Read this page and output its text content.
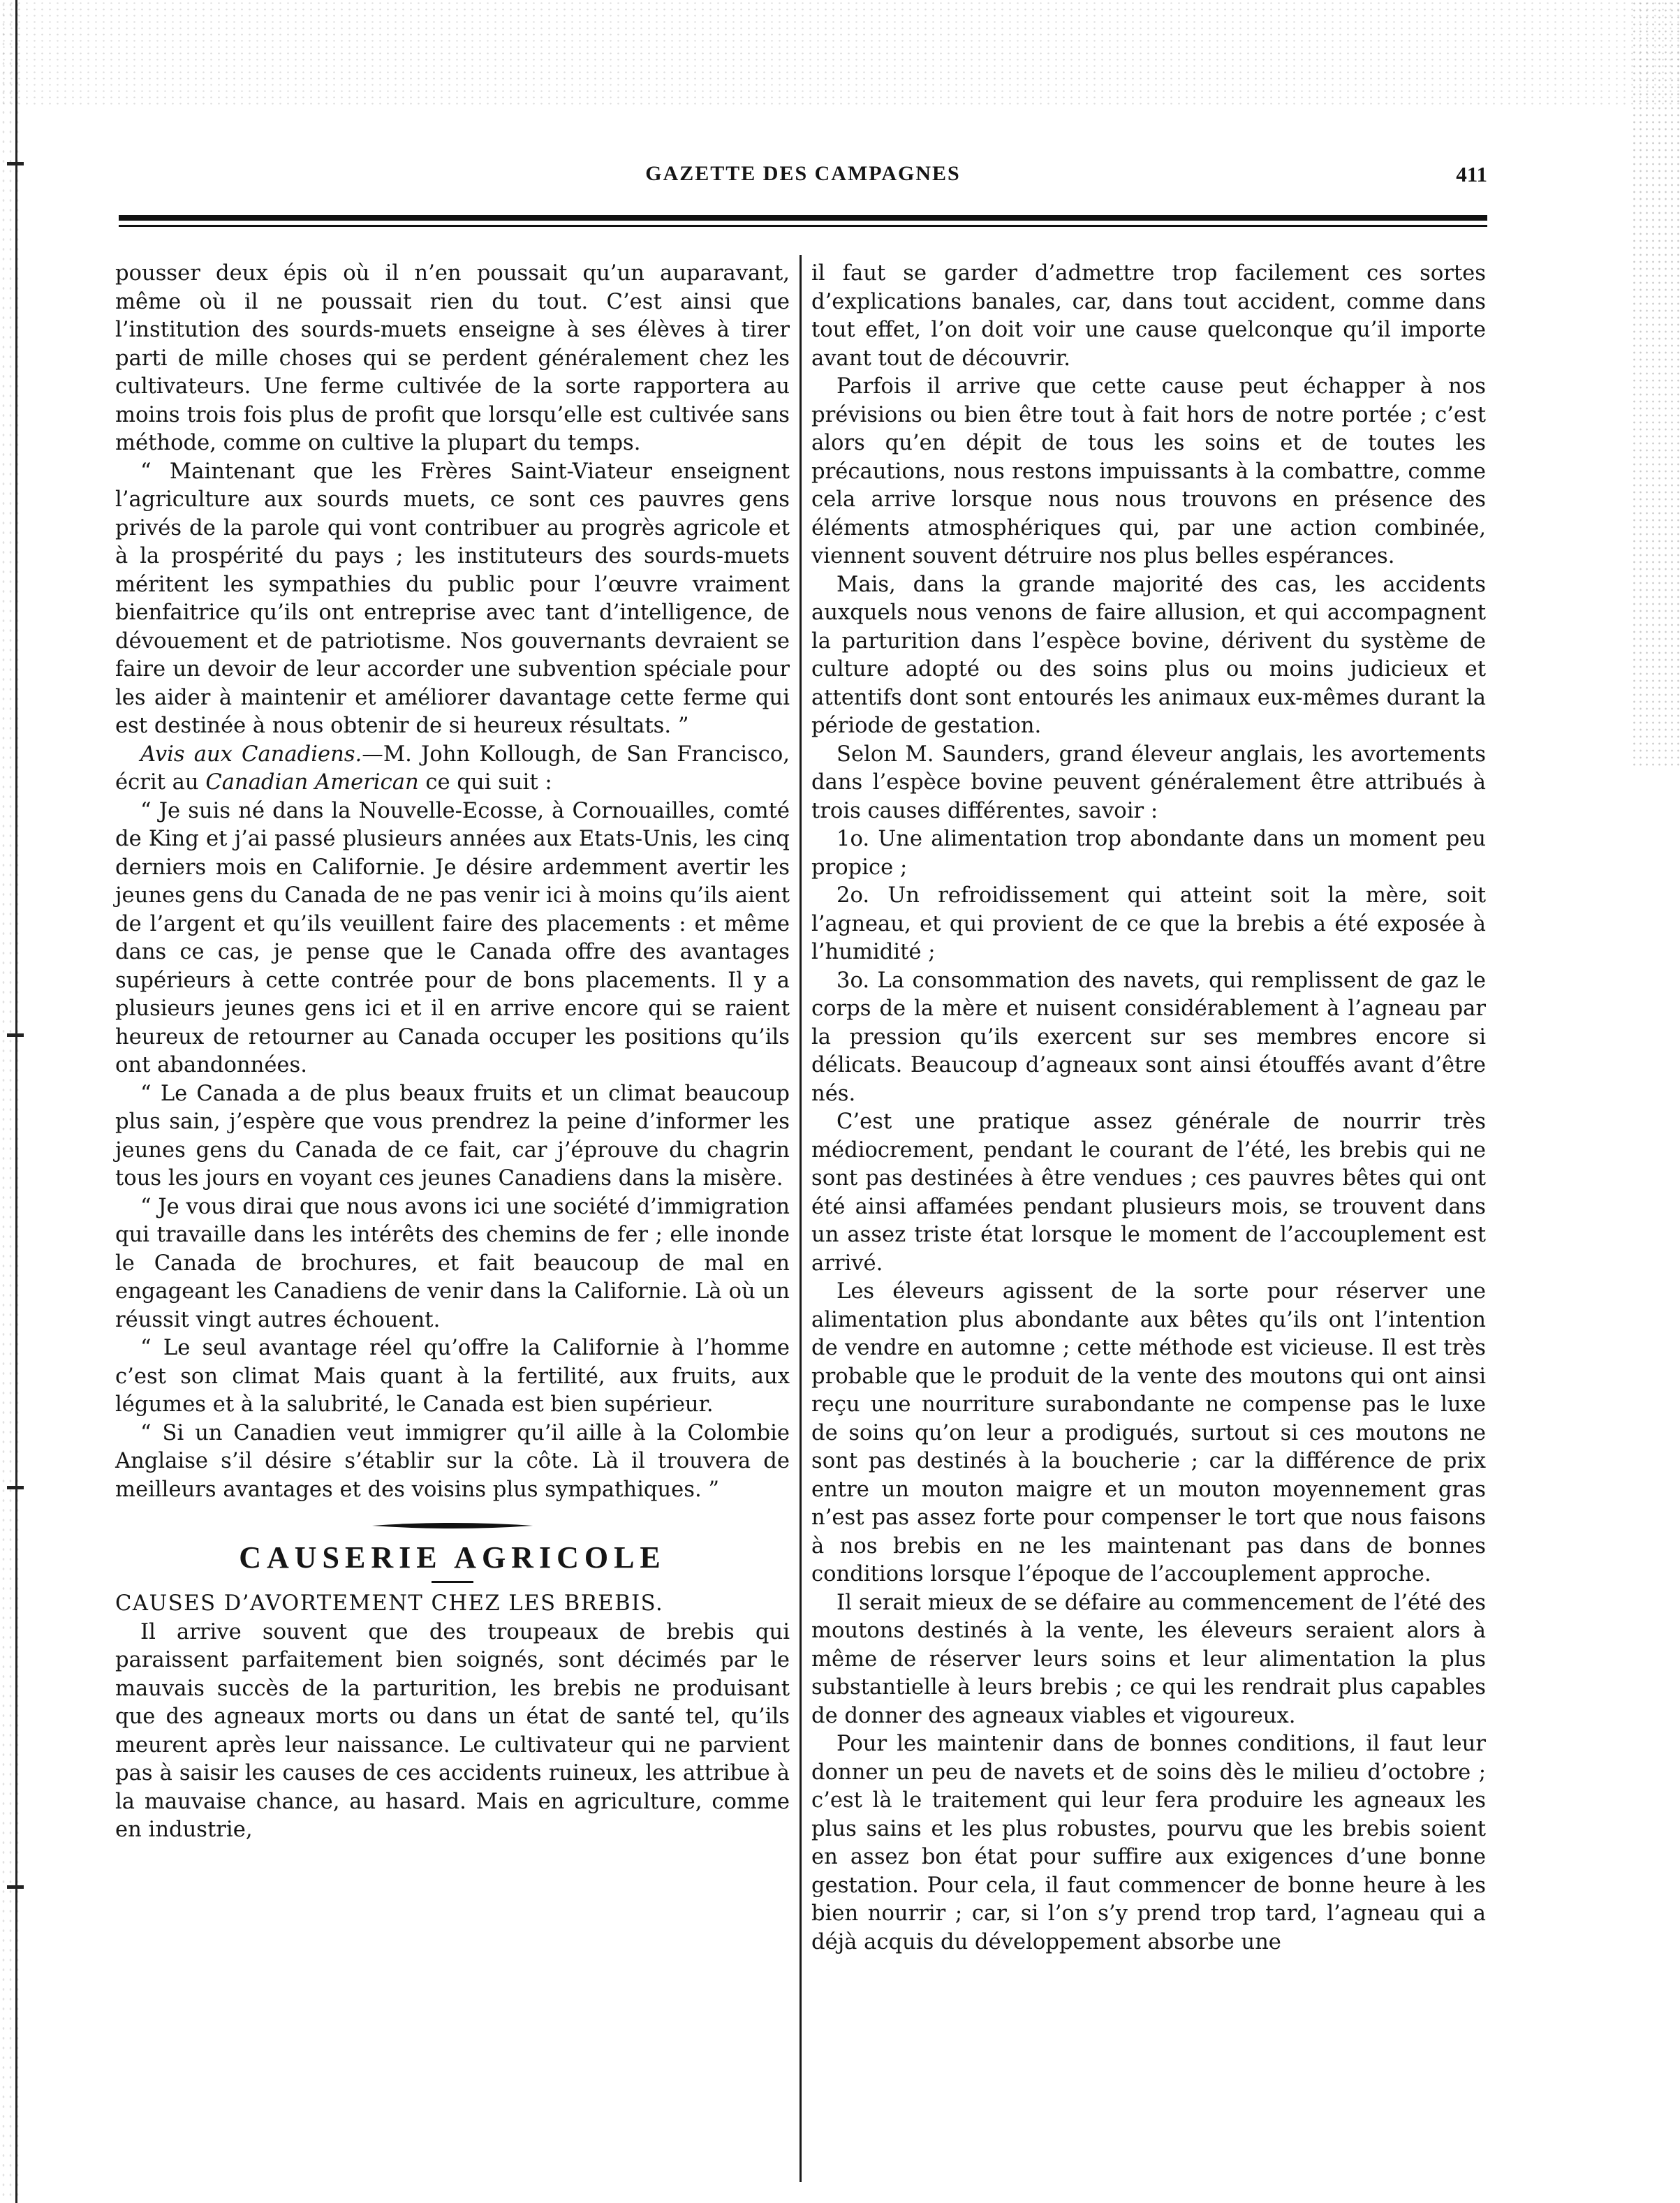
GAZETTE DES CAMPAGNES	411

pousser deux épis où il n’en poussait qu’un auparavant, même où il ne poussait rien du tout. C’est ainsi que l’institution des sourds-muets enseigne à ses élèves à tirer parti de mille choses qui se perdent généralement chez les cultivateurs. Une ferme cultivée de la sorte rapportera au moins trois fois plus de profit que lorsqu’elle est cultivée sans méthode, comme on cultive la plupart du temps.

“ Maintenant que les Frères Saint-Viateur enseignent l’agriculture aux sourds muets, ce sont ces pauvres gens privés de la parole qui vont contribuer au progrès agricole et à la prospérité du pays ; les instituteurs des sourds-muets méritent les sympathies du public pour l’œuvre vraiment bienfaitrice qu’ils ont entreprise avec tant d’intelligence, de dévouement et de patriotisme. Nos gouvernants devraient se faire un devoir de leur accorder une subvention spéciale pour les aider à maintenir et améliorer davantage cette ferme qui est destinée à nous obtenir de si heureux résultats. ”

Avis aux Canadiens.—M. John Kollough, de San Francisco, écrit au Canadian American ce qui suit :

“ Je suis né dans la Nouvelle-Ecosse, à Cornouailles, comté de King et j’ai passé plusieurs années aux Etats-Unis, les cinq derniers mois en Californie. Je désire ardemment avertir les jeunes gens du Canada de ne pas venir ici à moins qu’ils aient de l’argent et qu’ils veuillent faire des placements : et même dans ce cas, je pense que le Canada offre des avantages supérieurs à cette contrée pour de bons placements. Il y a plusieurs jeunes gens ici et il en arrive encore qui se raient heureux de retourner au Canada occuper les positions qu’ils ont abandonnées.

“ Le Canada a de plus beaux fruits et un climat beaucoup plus sain, j’espère que vous prendrez la peine d’informer les jeunes gens du Canada de ce fait, car j’éprouve du chagrin tous les jours en voyant ces jeunes Canadiens dans la misère.

“ Je vous dirai que nous avons ici une société d’immigration qui travaille dans les intérêts des chemins de fer ; elle inonde le Canada de brochures, et fait beaucoup de mal en engageant les Canadiens de venir dans la Californie. Là où un réussit vingt autres échouent.

“ Le seul avantage réel qu’offre la Californie à l’homme c’est son climat Mais quant à la fertilité, aux fruits, aux légumes et à la salubrité, le Canada est bien supérieur.

“ Si un Canadien veut immigrer qu’il aille à la Colombie Anglaise s’il désire s’établir sur la côte. Là il trouvera de meilleurs avantages et des voisins plus sympathiques. ”

CAUSERIE AGRICOLE

CAUSES D’AVORTEMENT CHEZ LES BREBIS.

Il arrive souvent que des troupeaux de brebis qui paraissent parfaitement bien soignés, sont décimés par le mauvais succès de la parturition, les brebis ne produisant que des agneaux morts ou dans un état de santé tel, qu’ils meurent après leur naissance. Le cultivateur qui ne parvient pas à saisir les causes de ces accidents ruineux, les attribue à la mauvaise chance, au hasard. Mais en agriculture, comme en industrie,

il faut se garder d’admettre trop facilement ces sortes d’explications banales, car, dans tout accident, comme dans tout effet, l’on doit voir une cause quelconque qu’il importe avant tout de découvrir.

Parfois il arrive que cette cause peut échapper à nos prévisions ou bien être tout à fait hors de notre portée ; c’est alors qu’en dépit de tous les soins et de toutes les précautions, nous restons impuissants à la combattre, comme cela arrive lorsque nous nous trouvons en présence des éléments atmosphériques qui, par une action combinée, viennent souvent détruire nos plus belles espérances.

Mais, dans la grande majorité des cas, les accidents auxquels nous venons de faire allusion, et qui accompagnent la parturition dans l’espèce bovine, dérivent du système de culture adopté ou des soins plus ou moins judicieux et attentifs dont sont entourés les animaux eux-mêmes durant la période de gestation.

Selon M. Saunders, grand éleveur anglais, les avortements dans l’espèce bovine peuvent généralement être attribués à trois causes différentes, savoir :

1o. Une alimentation trop abondante dans un moment peu propice ;

2o. Un refroidissement qui atteint soit la mère, soit l’agneau, et qui provient de ce que la brebis a été exposée à l’humidité ;

3o. La consommation des navets, qui remplissent de gaz le corps de la mère et nuisent considérablement à l’agneau par la pression qu’ils exercent sur ses membres encore si délicats. Beaucoup d’agneaux sont ainsi étouffés avant d’être nés.

C’est une pratique assez générale de nourrir très médiocrement, pendant le courant de l’été, les brebis qui ne sont pas destinées à être vendues ; ces pauvres bêtes qui ont été ainsi affamées pendant plusieurs mois, se trouvent dans un assez triste état lorsque le moment de l’accouplement est arrivé.

Les éleveurs agissent de la sorte pour réserver une alimentation plus abondante aux bêtes qu’ils ont l’intention de vendre en automne ; cette méthode est vicieuse. Il est très probable que le produit de la vente des moutons qui ont ainsi reçu une nourriture surabondante ne compense pas le luxe de soins qu’on leur a prodigués, surtout si ces moutons ne sont pas destinés à la boucherie ; car la différence de prix entre un mouton maigre et un mouton moyennement gras n’est pas assez forte pour compenser le tort que nous faisons à nos brebis en ne les maintenant pas dans de bonnes conditions lorsque l’époque de l’accouplement approche.

Il serait mieux de se défaire au commencement de l’été des moutons destinés à la vente, les éleveurs seraient alors à même de réserver leurs soins et leur alimentation la plus substantielle à leurs brebis ; ce qui les rendrait plus capables de donner des agneaux viables et vigoureux.

Pour les maintenir dans de bonnes conditions, il faut leur donner un peu de navets et de soins dès le milieu d’octobre ; c’est là le traitement qui leur fera produire les agneaux les plus sains et les plus robustes, pourvu que les brebis soient en assez bon état pour suffire aux exigences d’une bonne gestation. Pour cela, il faut commencer de bonne heure à les bien nourrir ; car, si l’on s’y prend trop tard, l’agneau qui a déjà acquis du développement absorbe une
